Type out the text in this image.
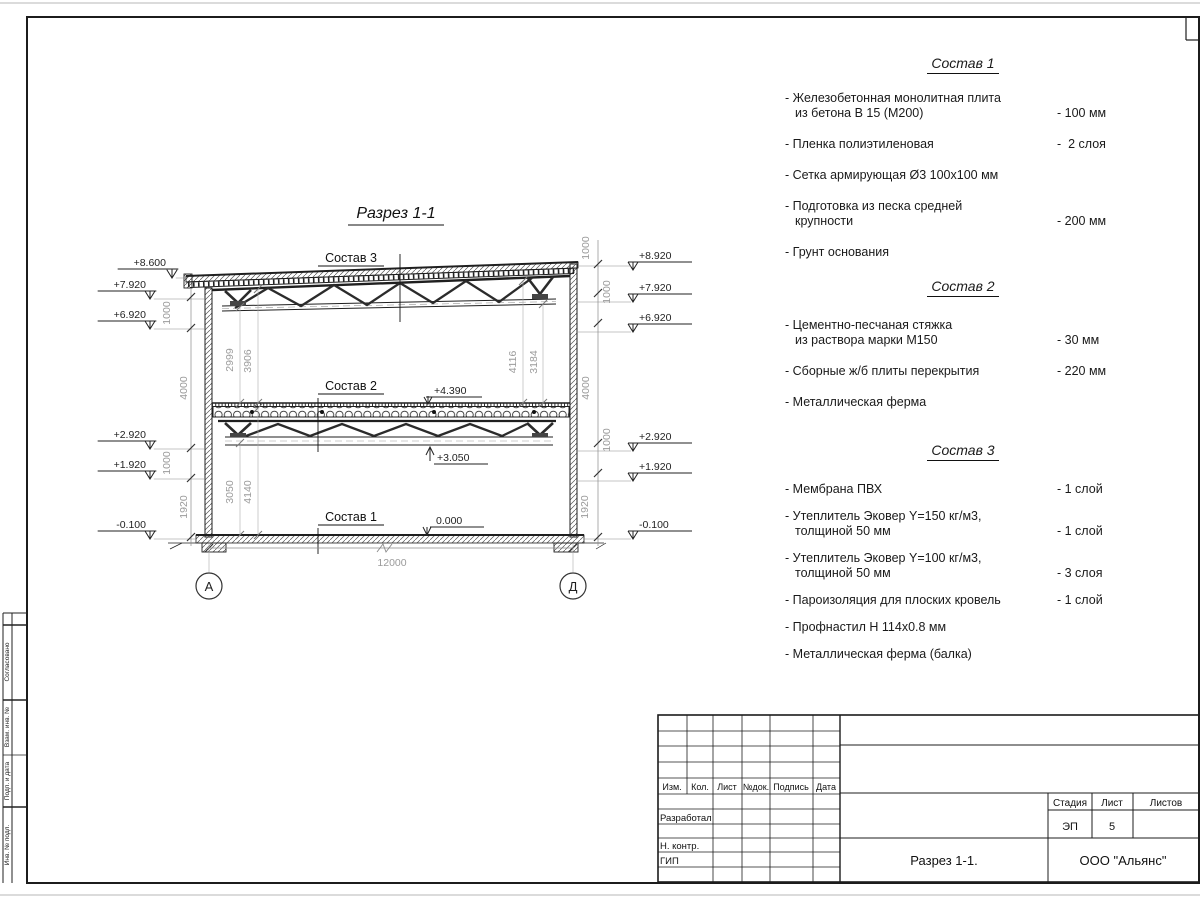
Согласовано
Взам. инв. №
Подп. и дата
Инв. № подл.
Разрез 1-1
Состав 3
Состав 2
Состав 1
+8.600
+7.920
+6.920
+2.920
+1.920
-0.100
+8.920
+7.920
+6.920
+2.920
+1.920
-0.100
+4.390
+3.050
0.000
1000
4000
1000
1920
1000
1000
4000
1000
1920
2999 3906
3050 4140
4116 3184
12000
А	Д
Изм. Кол. Лист №док. Подпись Дата
Разработал
Н. контр.
ГИП
Стадия Лист	Листов
ЭП	5
Разрез 1-1.	ООО "Альянс"
Состав 1
- Железобетонная монолитная плита
из бетона В 15 (М200)	- 100 мм
- Пленка полиэтиленовая	-  2 слоя
- Сетка армирующая Ø3 100х100 мм
- Подготовка из песка средней
крупности	- 200 мм
- Грунт основания
Состав 2
- Цементно-песчаная стяжка
из раствора марки М150	- 30 мм
- Сборные ж/б плиты перекрытия	- 220 мм
- Металлическая ферма
Состав 3
- Мембрана ПВХ	- 1 слой
- Утеплитель Эковер Y=150 кг/м3,
толщиной 50 мм	- 1 слой
- Утеплитель Эковер Y=100 кг/м3,
толщиной 50 мм	- 3 слоя
- Пароизоляция для плоских кровель	- 1 слой
- Профнастил Н 114х0.8 мм
- Металлическая ферма (балка)
